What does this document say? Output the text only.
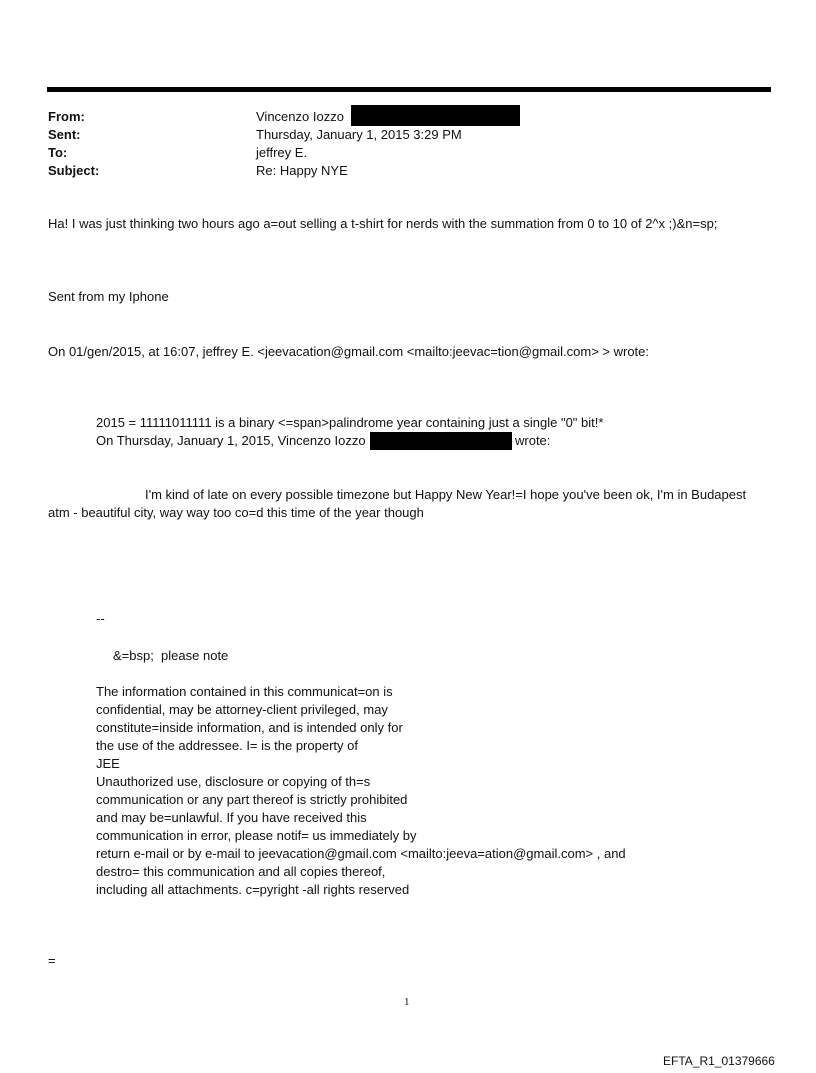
From:	Vincenzo Iozzo
Sent:	Thursday, January 1, 2015 3:29 PM
To:	jeffrey E.
Subject:	Re: Happy NYE
Ha! I was just thinking two hours ago a=out selling a t-shirt for nerds with the summation from 0 to 10 of 2^x ;)&n=sp;
Sent from my Iphone
On 01/gen/2015, at 16:07, jeffrey E. <jeevacation@gmail.com <mailto:jeevac=tion@gmail.com> > wrote:
2015 = 11111011111 is a binary <=span>palindrome year containing just a single "0" bit!*
On Thursday, January 1, 2015, Vincenzo Iozzo	wrote:
I'm kind of late on every possible timezone but Happy New Year!=I hope you've been ok, I'm in Budapest
atm - beautiful city, way way too co=d this time of the year though
--
&=bsp;  please note
The information contained in this communicat=on is
confidential, may be attorney-client privileged, may
constitute=inside information, and is intended only for
the use of the addressee. I= is the property of
JEE
Unauthorized use, disclosure or copying of th=s
communication or any part thereof is strictly prohibited
and may be=unlawful. If you have received this
communication in error, please notif= us immediately by
return e-mail or by e-mail to jeevacation@gmail.com <mailto:jeeva=ation@gmail.com> , and
destro= this communication and all copies thereof,
including all attachments. c=pyright -all rights reserved
=
1
EFTA_R1_01379666
